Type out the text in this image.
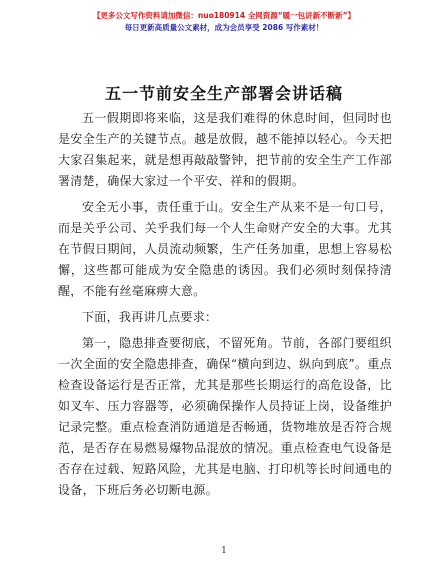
【更多公文写作资料请加微信：nuo180914 全网资源“暖一包讲新不断新”】
每日更新高质量公文素材，成为会员享受 2086 写作素材！
五一节前安全生产部署会讲话稿

五一假期即将来临，这是我们难得的休息时间，但同时也是安全生产的关键节点。越是放假，越不能掉以轻心。今天把大家召集起来，就是想再敲敲警钟，把节前的安全生产工作部署清楚，确保大家过一个平安、祥和的假期。

安全无小事，责任重于山。安全生产从来不是一句口号，而是关乎公司、关乎我们每一个人生命财产安全的大事。尤其在节假日期间，人员流动频繁，生产任务加重，思想上容易松懈，这些都可能成为安全隐患的诱因。我们必须时刻保持清醒，不能有丝毫麻痹大意。

下面，我再讲几点要求：

第一，隐患排查要彻底，不留死角。节前，各部门要组织一次全面的安全隐患排查，确保“横向到边、纵向到底”。重点检查设备运行是否正常，尤其是那些长期运行的高危设备，比如叉车、压力容器等，必须确保操作人员持证上岗，设备维护记录完整。重点检查消防通道是否畅通，货物堆放是否符合规范，是否存在易燃易爆物品混放的情况。重点检查电气设备是否存在过载、短路风险，尤其是电脑、打印机等长时间通电的设备，下班后务必切断电源。

1
